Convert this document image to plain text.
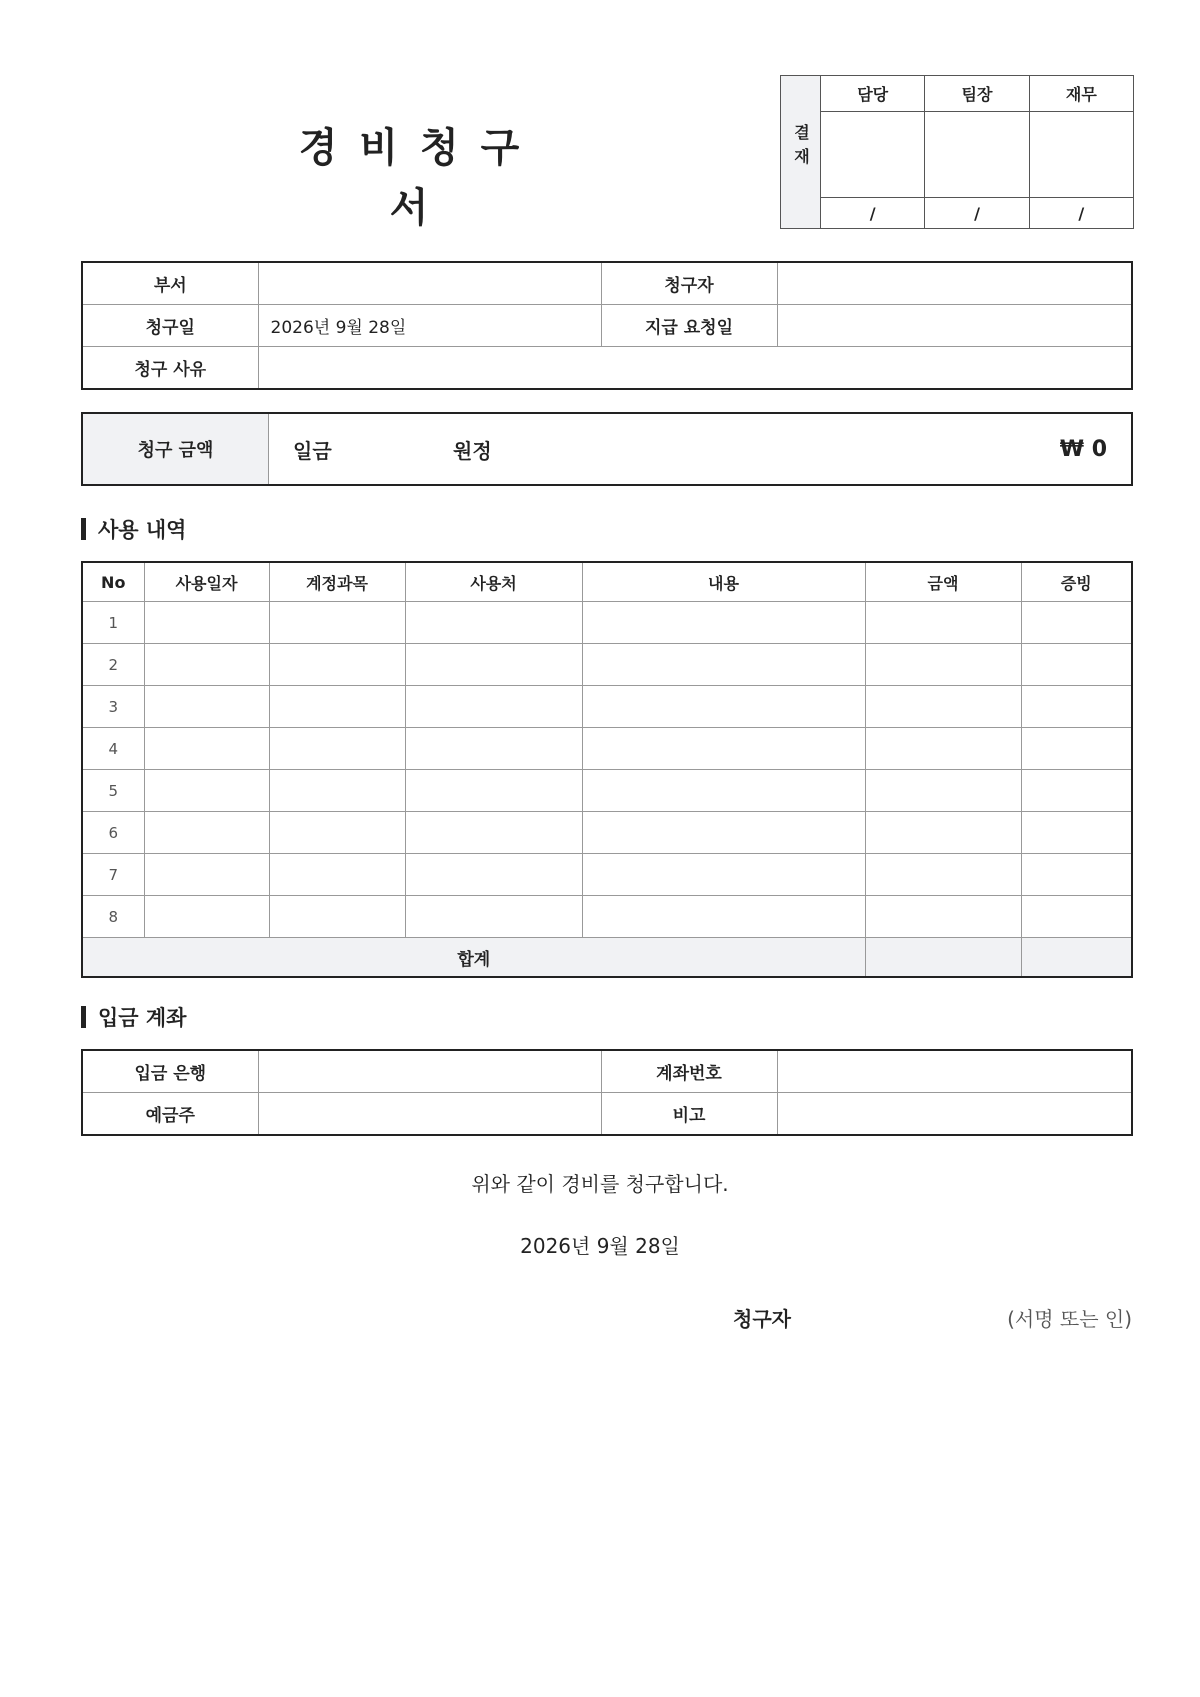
경비청구서
결재	담당	팀장	재무

	/	/	/
부서		청구자	
청구일	2026년 9월 28일	지급 요청일	
청구 사유			
청구 금액	일금	원정	₩ 0
사용 내역
No	사용일자	계정과목	사용처	내용	금액	증빙
1						
2						
3						
4						
5						
6						
7						
8						
합계						
입금 계좌
입금 은행		계좌번호	
예금주		비고	
위와 같이 경비를 청구합니다.
2026년 9월 28일
청구자	(서명 또는 인)
